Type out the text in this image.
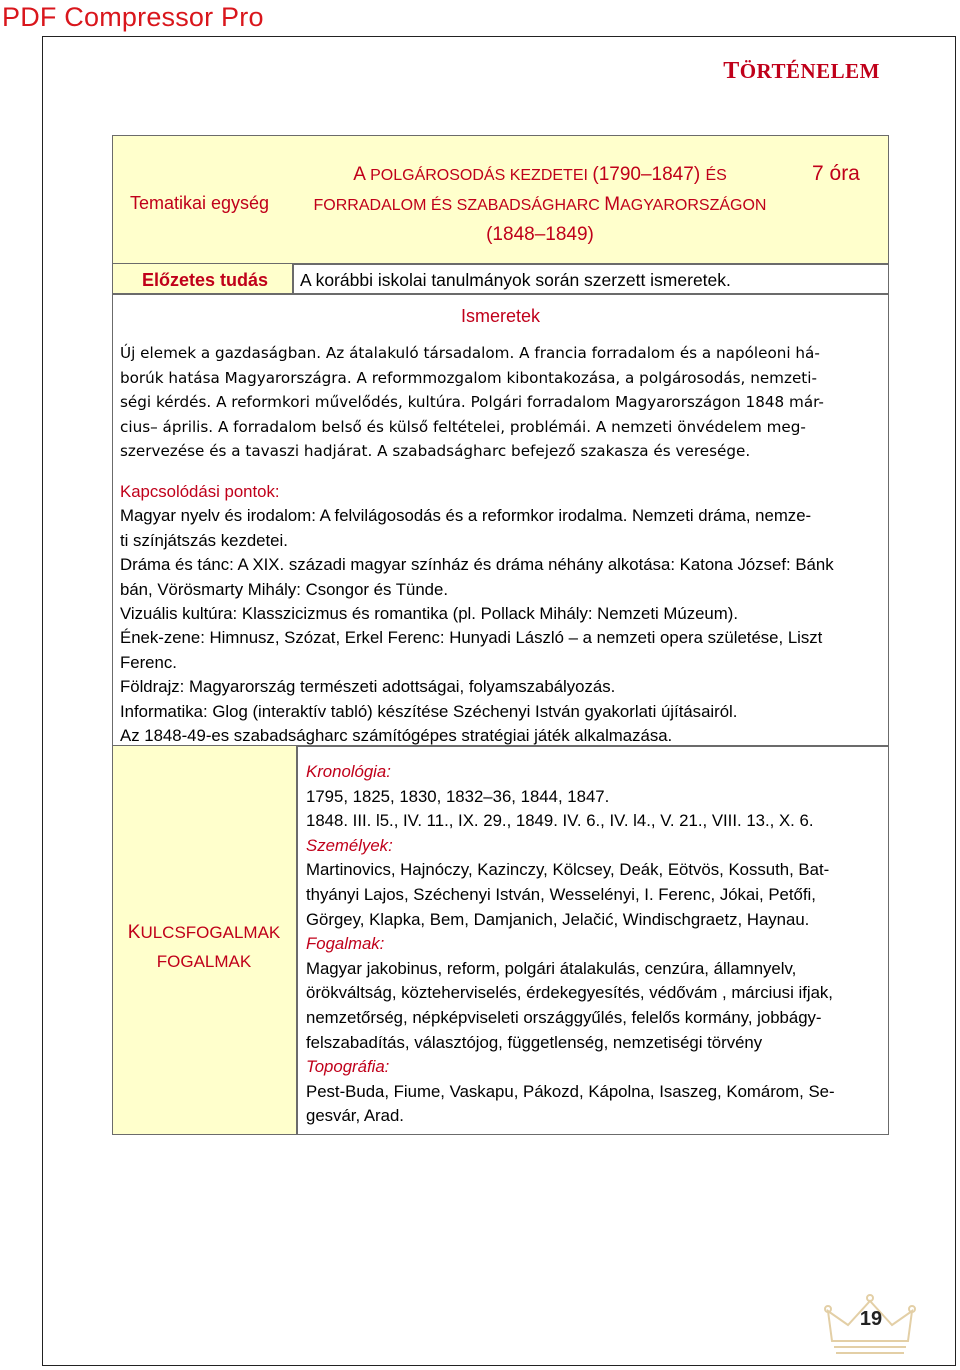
PDF Compressor Pro
TÖRTÉNELEM
Tematikai egység
A POLGÁROSODÁS KEZDETEI (1790–1847) ÉS
FORRADALOM ÉS SZABADSÁGHARC MAGYARORSZÁGON
(1848–1849)
7 óra
Előzetes tudás A korábbi iskolai tanulmányok során szerzett ismeretek.
Ismeretek
Új elemek a gazdaságban. Az átalakuló társadalom. A francia forradalom és a napóleoni há-
borúk hatása Magyarországra. A reformmozgalom kibontakozása, a polgárosodás, nemzeti-
ségi kérdés. A reformkori művelődés, kultúra. Polgári forradalom Magyarországon 1848 már-
cius– április. A forradalom belső és külső feltételei, problémái. A nemzeti önvédelem meg-
szervezése és a tavaszi hadjárat. A szabadságharc befejező szakasza és veresége.
Kapcsolódási pontok:
Magyar nyelv és irodalom: A felvilágosodás és a reformkor irodalma. Nemzeti dráma, nemze-
ti színjátszás kezdetei.
Dráma és tánc: A XIX. századi magyar színház és dráma néhány alkotása: Katona József: Bánk
bán, Vörösmarty Mihály: Csongor és Tünde.
Vizuális kultúra: Klasszicizmus és romantika (pl. Pollack Mihály: Nemzeti Múzeum).
Ének-zene: Himnusz, Szózat, Erkel Ferenc: Hunyadi László – a nemzeti opera születése, Liszt
Ferenc.
Földrajz: Magyarország természeti adottságai, folyamszabályozás.
Informatika: Glog (interaktív tabló) készítése Széchenyi István gyakorlati újításairól.
Az 1848-49-es szabadságharc számítógépes stratégiai játék alkalmazása.
KULCSFOGALMAK
FOGALMAK
Kronológia:
1795, 1825, 1830, 1832–36, 1844, 1847.
1848. III. l5., IV. 11., IX. 29., 1849. IV. 6., IV. l4., V. 21., VIII. 13., X. 6.
Személyek:
Martinovics, Hajnóczy, Kazinczy, Kölcsey, Deák, Eötvös, Kossuth, Bat-
thyányi Lajos, Széchenyi István, Wesselényi, I. Ferenc, Jókai, Petőfi,
Görgey, Klapka, Bem, Damjanich, Jelačić, Windischgraetz, Haynau.
Fogalmak:
Magyar jakobinus, reform, polgári átalakulás, cenzúra, államnyelv,
örökváltság, közteherviselés, érdekegyesítés, védővám , márciusi ifjak,
nemzetőrség, népképviseleti országgyűlés, felelős kormány, jobbágy-
felszabadítás, választójog, függetlenség, nemzetiségi törvény
Topográfia:
Pest-Buda, Fiume, Vaskapu, Pákozd, Kápolna, Isaszeg, Komárom, Se-
gesvár, Arad.
19
